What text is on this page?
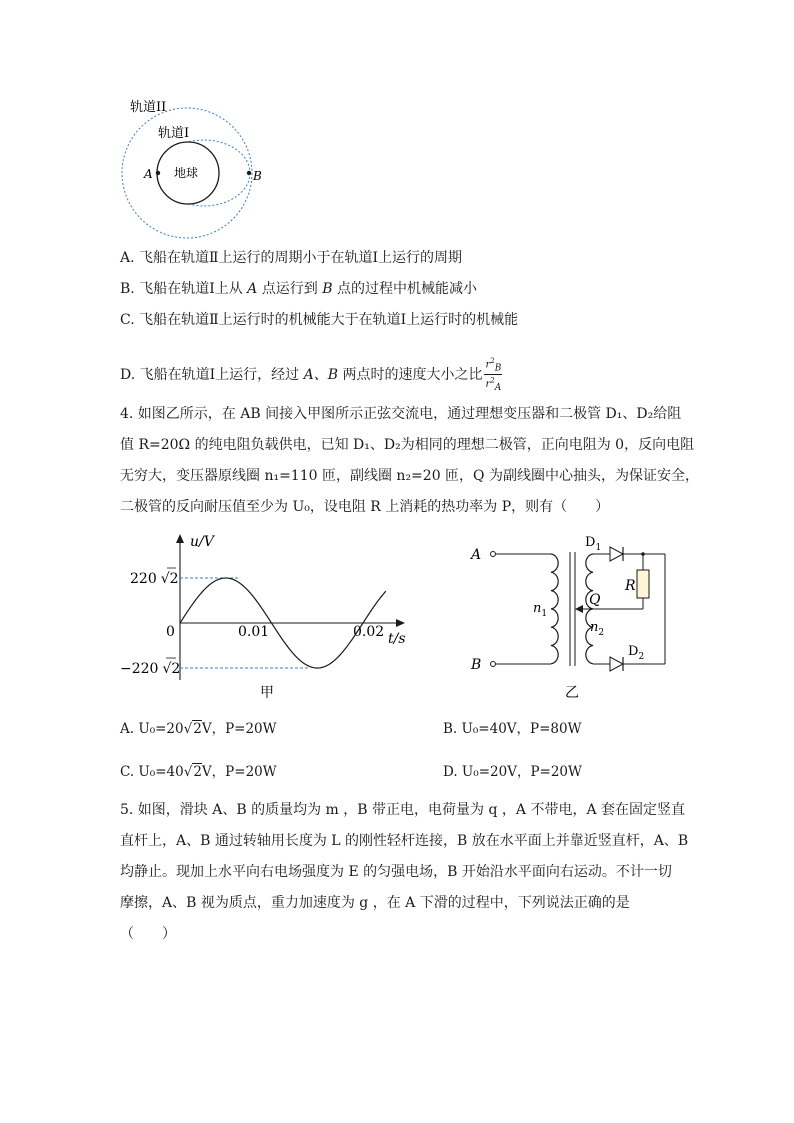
轨道II
轨道I
地球
A	B
A. 飞船在轨道Ⅱ上运行的周期小于在轨道Ⅰ上运行的周期
B. 飞船在轨道Ⅰ上从 A 点运行到 B 点的过程中机械能减小
C. 飞船在轨道Ⅱ上运行时的机械能大于在轨道Ⅰ上运行时的机械能
D. 飞船在轨道Ⅰ上运行，经过 A、B 两点时的速度大小之比 $\frac{r^2_B}{r^2_A}$
4. 如图乙所示，在 AB 间接入甲图所示正弦交流电，通过理想变压器和二极管 D₁、D₂给阻
值 R=20Ω 的纯电阻负载供电，已知 D₁、D₂为相同的理想二极管，正向电阻为 0，反向电阻
无穷大，变压器原线圈 n₁=110 匝，副线圈 n₂=20 匝，Q 为副线圈中心抽头，为保证安全，
二极管的反向耐压值至少为 U₀，设电阻 R 上消耗的热功率为 P，则有（　　）
u/V
t/s
220 √2
−220 √2
0	0.01	0.02
甲
A
B
$n_1$
$n_2$
$D_1$
R
Q
$D_2$
乙
A. U₀=20√2V，P=20W	B. U₀=40V，P=80W
C. U₀=40√2V，P=20W	D. U₀=20V，P=20W
5. 如图，滑块 A、B 的质量均为 m ，B 带正电，电荷量为 q ，A 不带电，A 套在固定竖直
直杆上，A、B 通过转轴用长度为 L 的刚性轻杆连接，B 放在水平面上并靠近竖直杆，A、B
均静止。现加上水平向右电场强度为 E 的匀强电场，B 开始沿水平面向右运动。不计一切
摩擦，A、B 视为质点，重力加速度为 g ，在 A 下滑的过程中，下列说法正确的是
（　　）
